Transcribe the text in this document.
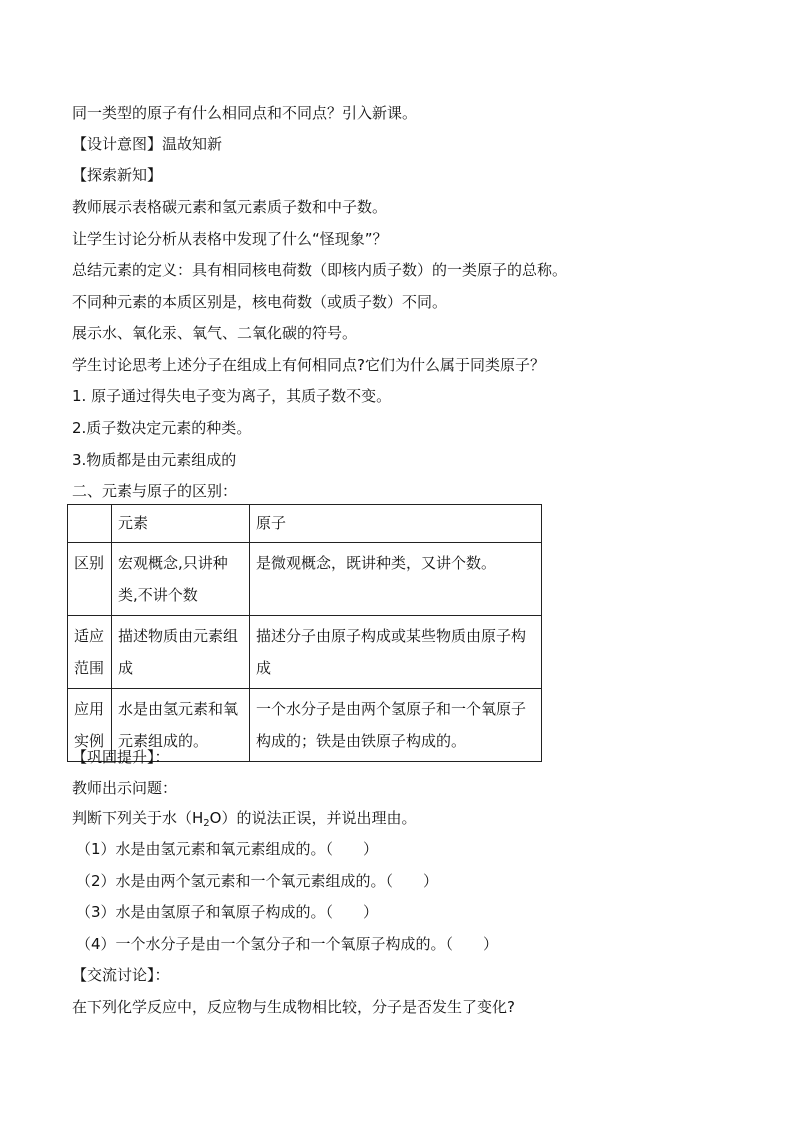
同一类型的原子有什么相同点和不同点？引入新课。
【设计意图】温故知新
【探索新知】
教师展示表格碳元素和氢元素质子数和中子数。
让学生讨论分析从表格中发现了什么“怪现象”？
总结元素的定义：具有相同核电荷数（即核内质子数）的一类原子的总称。
不同种元素的本质区别是，核电荷数（或质子数）不同。
展示水、氧化汞、氧气、二氧化碳的符号。
学生讨论思考上述分子在组成上有何相同点?它们为什么属于同类原子？
1. 原子通过得失电子变为离子，其质子数不变。
2.质子数决定元素的种类。
3.物质都是由元素组成的
二、元素与原子的区别：
	元素	原子
区别	宏观概念,只讲种类,不讲个数	是微观概念，既讲种类，又讲个数。
适应范围	描述物质由元素组成	描述分子由原子构成或某些物质由原子构成
应用实例	水是由氢元素和氧元素组成的。	一个水分子是由两个氢原子和一个氧原子构成的；铁是由铁原子构成的。
【巩固提升】：
教师出示问题：
判断下列关于水$(H_2O)$的说法正误，并说出理由。
（1）水是由氢元素和氧元素组成的。（　　）
（2）水是由两个氢元素和一个氧元素组成的。（　　）
（3）水是由氢原子和氧原子构成的。（　　）
（4）一个水分子是由一个氢分子和一个氧原子构成的。（　　）
【交流讨论】：
在下列化学反应中，反应物与生成物相比较，分子是否发生了变化?
